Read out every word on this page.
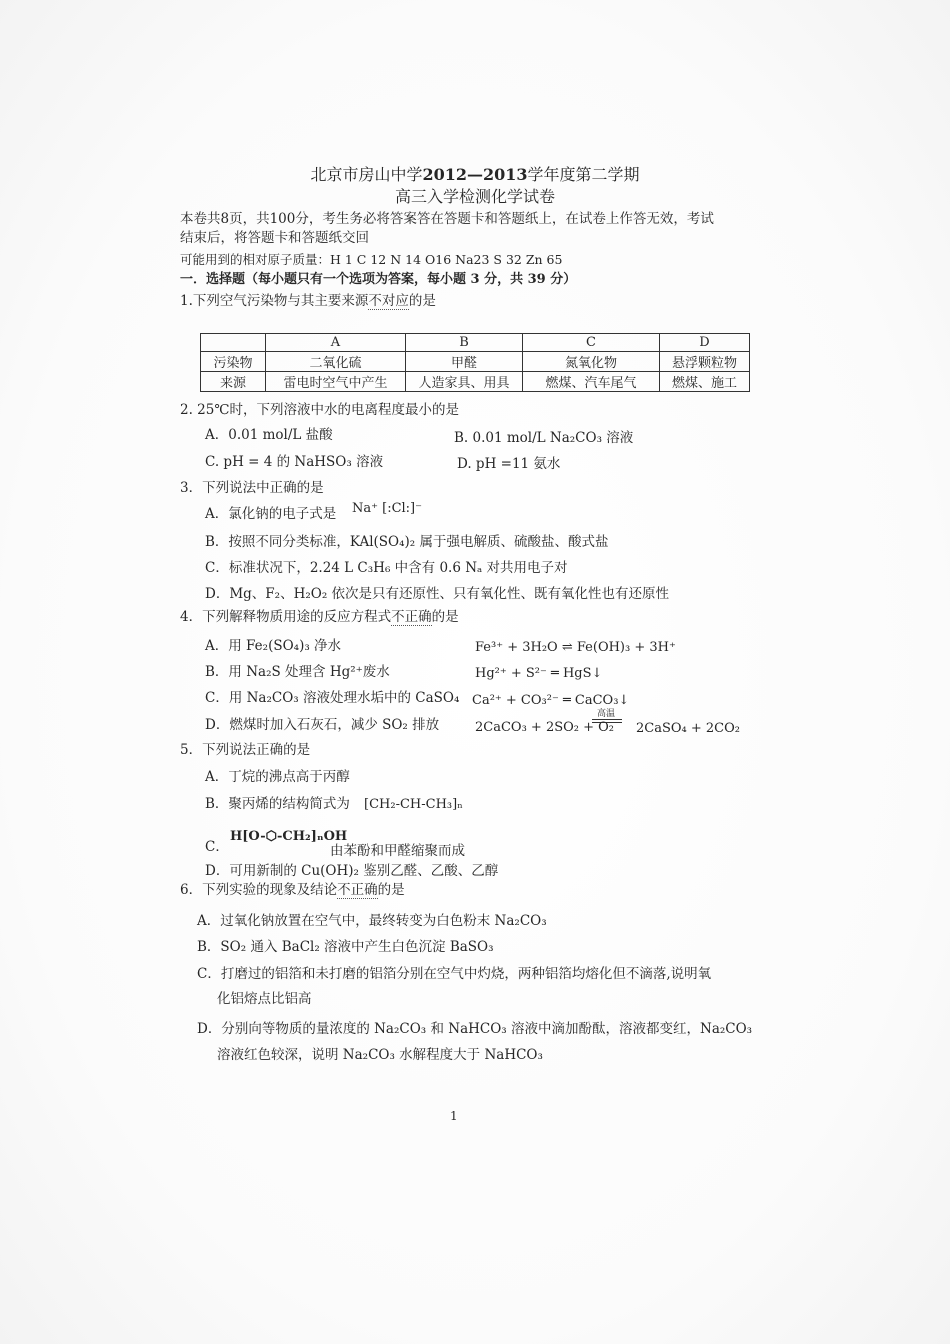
北京市房山中学2012—2013学年度第二学期
高三入学检测化学试卷
本卷共8页，共100分，考生务必将答案答在答题卡和答题纸上，在试卷上作答无效，考试
结束后，将答题卡和答题纸交回
可能用到的相对原子质量：H 1 C 12 N 14 O16 Na23 S 32 Zn 65
一．选择题（每小题只有一个选项为答案，每小题 3 分，共 39 分）
1.下列空气污染物与其主要来源不对应的是
	A	B	C	D
污染物	二氧化硫	甲醛	氮氧化物	悬浮颗粒物
来源	雷电时空气中产生	人造家具、用具	燃煤、汽车尾气	燃煤、施工
2. 25℃时，下列溶液中水的电离程度最小的是
A．0.01 mol/L 盐酸	B. 0.01 mol/L Na₂CO₃ 溶液
C. pH = 4 的 NaHSO₃ 溶液	D. pH =11 氨水
3．下列说法中正确的是
A．氯化钠的电子式是 Na⁺ [:Cl:]⁻
B．按照不同分类标准，KAl(SO₄)₂ 属于强电解质、硫酸盐、酸式盐
C．标准状况下，2.24 L C₃H₆ 中含有 0.6 Nₐ 对共用电子对
D．Mg、F₂、H₂O₂ 依次是只有还原性、只有氧化性、既有氧化性也有还原性
4．下列解释物质用途的反应方程式不正确的是
A．用 Fe₂(SO₄)₃ 净水	Fe³⁺ + 3H₂O ⇌ Fe(OH)₃ + 3H⁺
B．用 Na₂S 处理含 Hg²⁺废水	Hg²⁺ + S²⁻ ═ HgS↓
C．用 Na₂CO₃ 溶液处理水垢中的 CaSO₄ Ca²⁺ + CO₃²⁻ ═ CaCO₃↓
D．燃煤时加入石灰石，减少 SO₂ 排放
高温
2CaCO₃ + 2SO₂ + O₂ 2CaSO₄ + 2CO₂
5．下列说法正确的是
A．丁烷的沸点高于丙醇
B．聚丙烯的结构简式为 [CH₂-CH-CH₃]ₙ
C．
H[O-⬡-CH₂]ₙOH
由苯酚和甲醛缩聚而成
D．可用新制的 Cu(OH)₂ 鉴别乙醛、乙酸、乙醇
6．下列实验的现象及结论不正确的是
A．过氧化钠放置在空气中，最终转变为白色粉末 Na₂CO₃
B．SO₂ 通入 BaCl₂ 溶液中产生白色沉淀 BaSO₃
C．打磨过的铝箔和未打磨的铝箔分别在空气中灼烧，两种铝箔均熔化但不滴落,说明氧
化铝熔点比铝高
D．分别向等物质的量浓度的 Na₂CO₃ 和 NaHCO₃ 溶液中滴加酚酞，溶液都变红，Na₂CO₃
溶液红色较深，说明 Na₂CO₃ 水解程度大于 NaHCO₃
1
